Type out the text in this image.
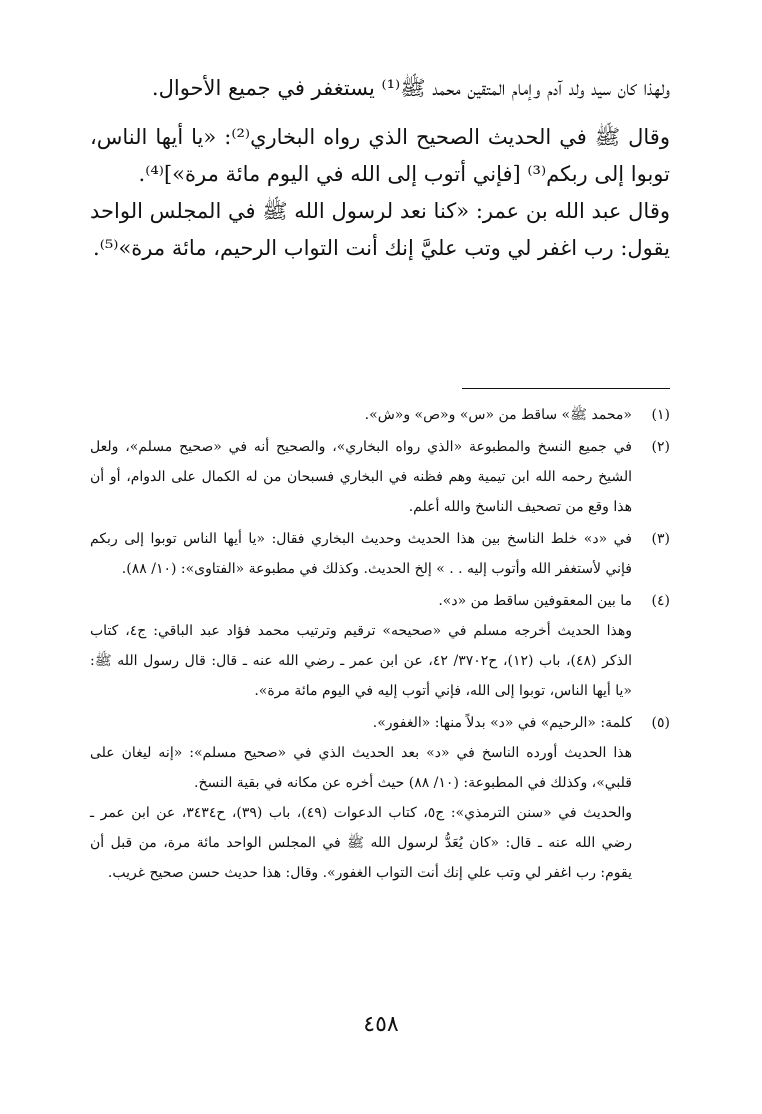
ولهذا كان سيد ولد آدم وإمام المتقين محمد ﷺ⁽¹⁾ يستغفر في جميع الأحوال.

وقال ﷺ في الحديث الصحيح الذي رواه البخاري⁽²⁾: «يا أيها الناس، توبوا إلى ربكم⁽³⁾ [فإني أتوب إلى الله في اليوم مائة مرة»]⁽⁴⁾.

وقال عبد الله بن عمر: «كنا نعد لرسول الله ﷺ في المجلس الواحد يقول: رب اغفر لي وتب عليَّ إنك أنت التواب الرحيم، مائة مرة»⁽⁵⁾.

(١)

«محمد ﷺ» ساقط من «س» و«ص» و«ش».

(٢)

في جميع النسخ والمطبوعة «الذي رواه البخاري»، والصحيح أنه في «صحيح مسلم»، ولعل الشيخ رحمه الله ابن تيمية وهم فظنه في البخاري فسبحان من له الكمال على الدوام، أو أن هذا وقع من تصحيف الناسخ والله أعلم.

(٣)

في «د» خلط الناسخ بين هذا الحديث وحديث البخاري فقال: «يا أيها الناس توبوا إلى ربكم فإني لأستغفر الله وأتوب إليه . . » إلخ الحديث. وكذلك في مطبوعة «الفتاوى»: (١٠/ ٨٨).

(٤)

ما بين المعقوفين ساقط من «د».

وهذا الحديث أخرجه مسلم في «صحيحه» ترقيم وترتيب محمد فؤاد عبد الباقي: ج٤، كتاب الذكر (٤٨)، باب (١٢)، ح٣٧٠٢/ ٤٢، عن ابن عمر ـ رضي الله عنه ـ قال: قال رسول الله ﷺ: «يا أيها الناس، توبوا إلى الله، فإني أتوب إليه في اليوم مائة مرة».

(٥)

كلمة: «الرحيم» في «د» بدلاً منها: «الغفور».

هذا الحديث أورده الناسخ في «د» بعد الحديث الذي في «صحيح مسلم»: «إنه ليغان على قلبي»، وكذلك في المطبوعة: (١٠/ ٨٨) حيث أخره عن مكانه في بقية النسخ.

والحديث في «سنن الترمذي»: ج٥، كتاب الدعوات (٤٩)، باب (٣٩)، ح٣٤٣٤، عن ابن عمر ـ رضي الله عنه ـ قال: «كان يُعَدُّ لرسول الله ﷺ في المجلس الواحد مائة مرة، من قبل أن يقوم: رب اغفر لي وتب علي إنك أنت التواب الغفور». وقال: هذا حديث حسن صحيح غريب.

٤٥٨
